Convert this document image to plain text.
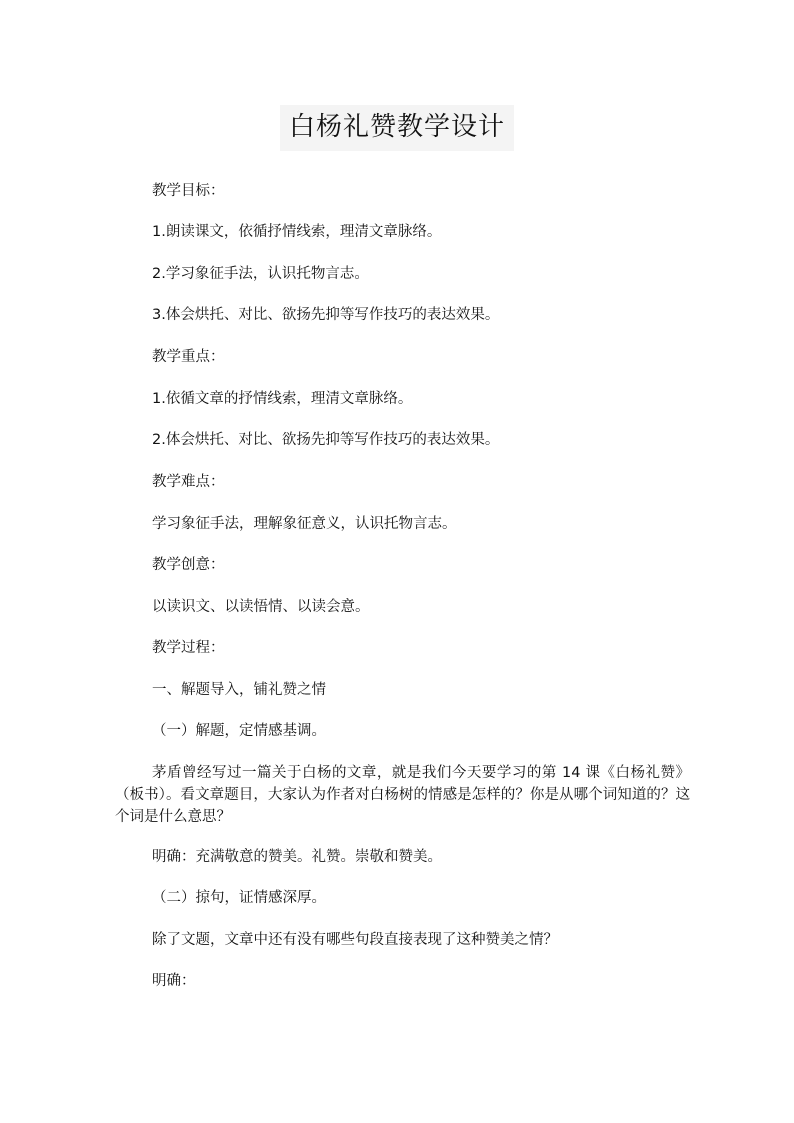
白杨礼赞教学设计
教学目标：
1.朗读课文，依循抒情线索，理清文章脉络。
2.学习象征手法，认识托物言志。
3.体会烘托、对比、欲扬先抑等写作技巧的表达效果。
教学重点：
1.依循文章的抒情线索，理清文章脉络。
2.体会烘托、对比、欲扬先抑等写作技巧的表达效果。
教学难点：
学习象征手法，理解象征意义，认识托物言志。
教学创意：
以读识文、以读悟情、以读会意。
教学过程：
一、解题导入，铺礼赞之情
（一）解题，定情感基调。
茅盾曾经写过一篇关于白杨的文章，就是我们今天要学习的第 14 课《白杨礼赞》（板书）。看文章题目，大家认为作者对白杨树的情感是怎样的？你是从哪个词知道的？这个词是什么意思？
明确：充满敬意的赞美。礼赞。崇敬和赞美。
（二）掠句，证情感深厚。
除了文题，文章中还有没有哪些句段直接表现了这种赞美之情？
明确：
